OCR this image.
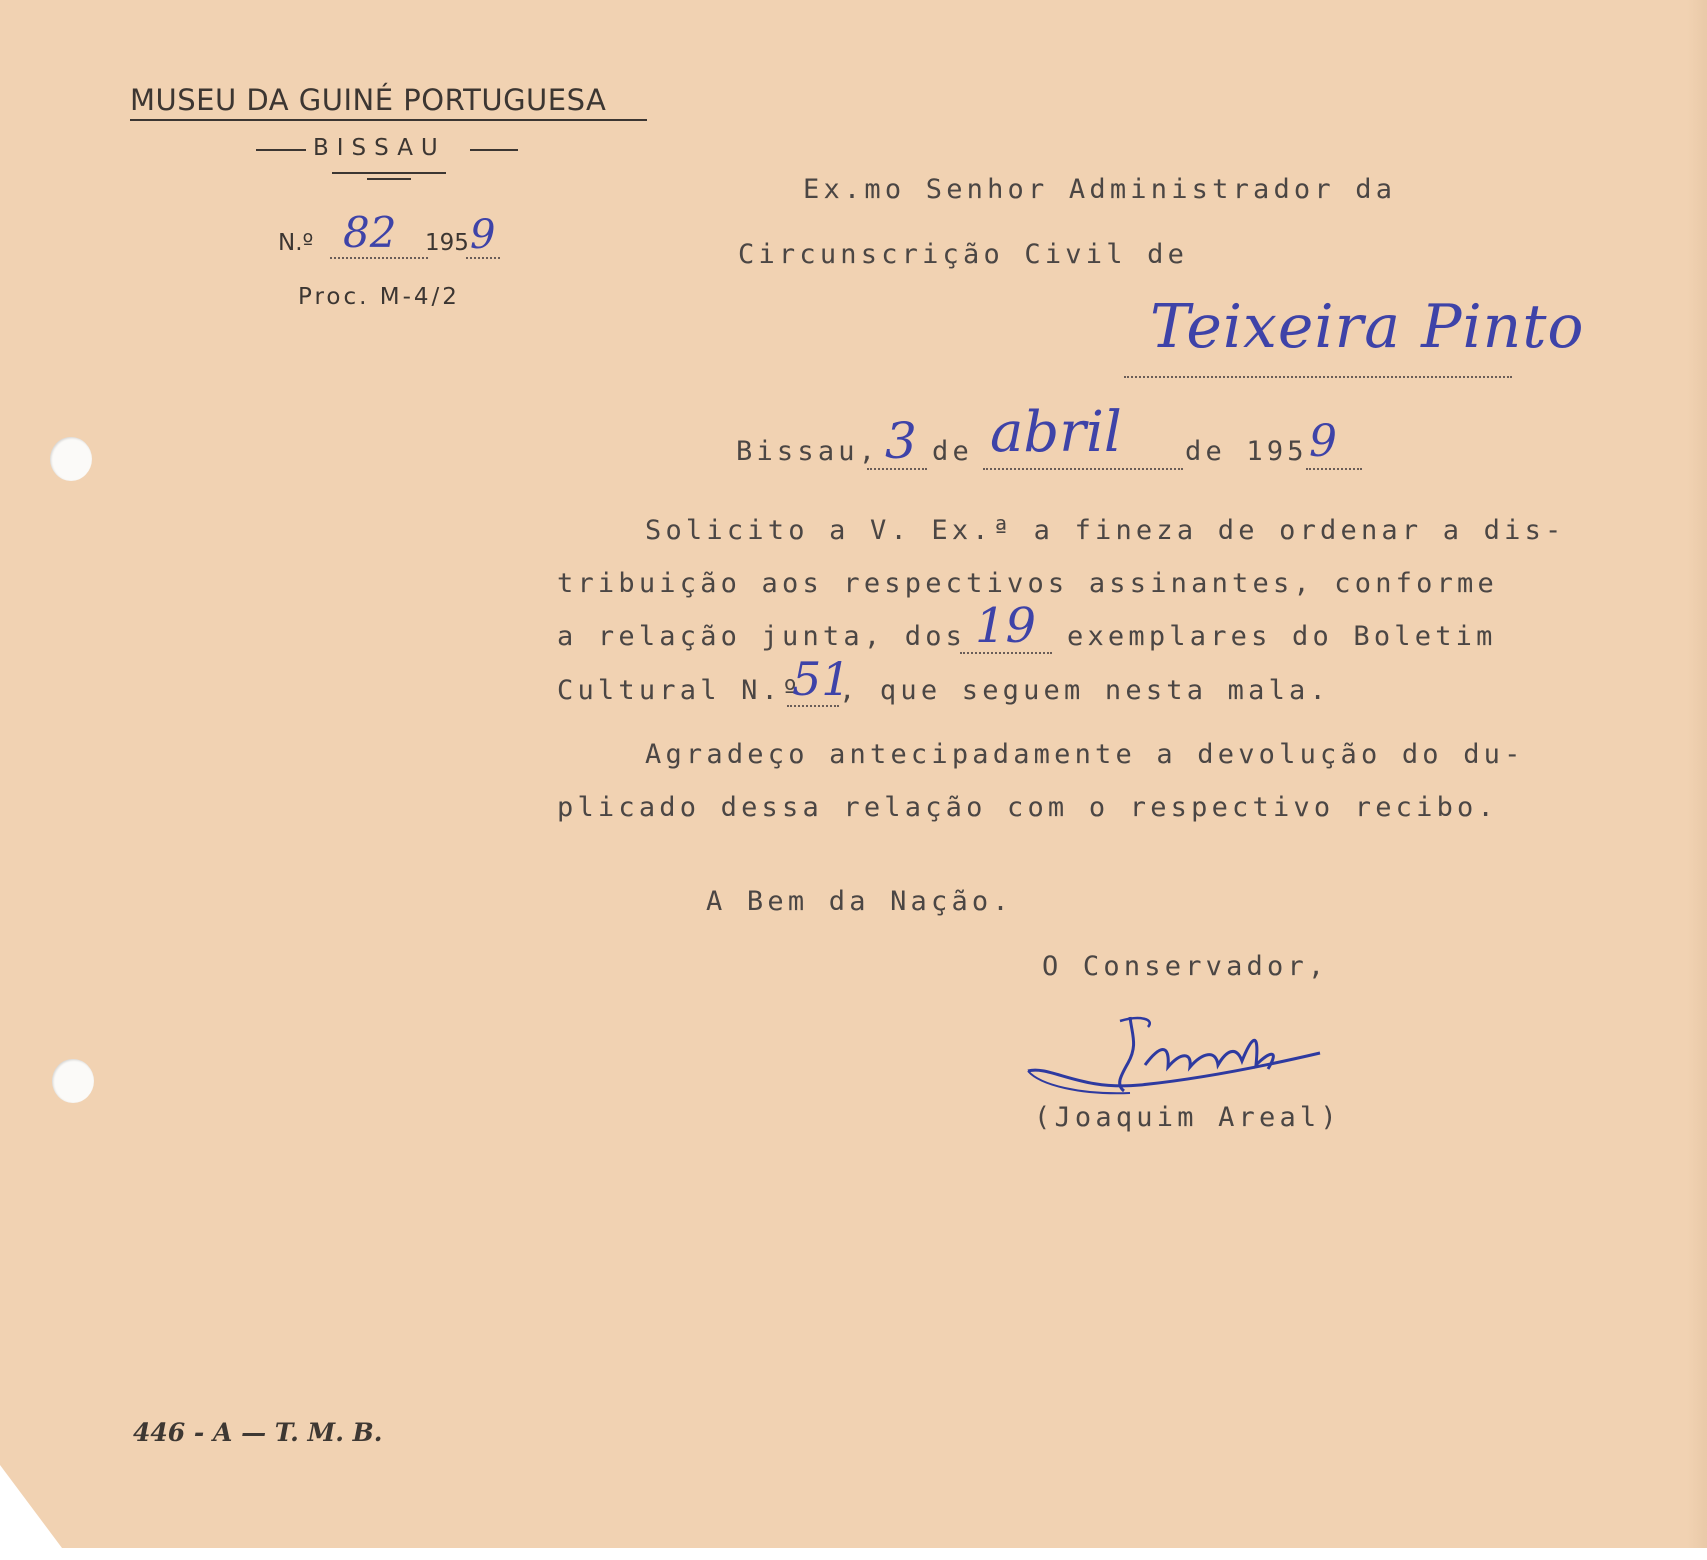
MUSEU DA GUINÉ PORTUGUESA

BISSAU

N.º 82 195 9

Proc. M-4/2

Ex.mo Senhor Administrador da

Circunscrição Civil de

Teixeira Pinto

Bissau, 3 de abril de 195 9

Solicito a V. Ex.ª a fineza de ordenar a dis-

tribuição aos respectivos assinantes, conforme

a relação junta, dos 19 exemplares do Boletim

Cultural N.º

51

, que seguem nesta mala.

Agradeço antecipadamente a devolução do du-

plicado dessa relação com o respectivo recibo.

A Bem da Nação.

O Conservador,

(Joaquim Areal)

446 - A — T. M. B.
